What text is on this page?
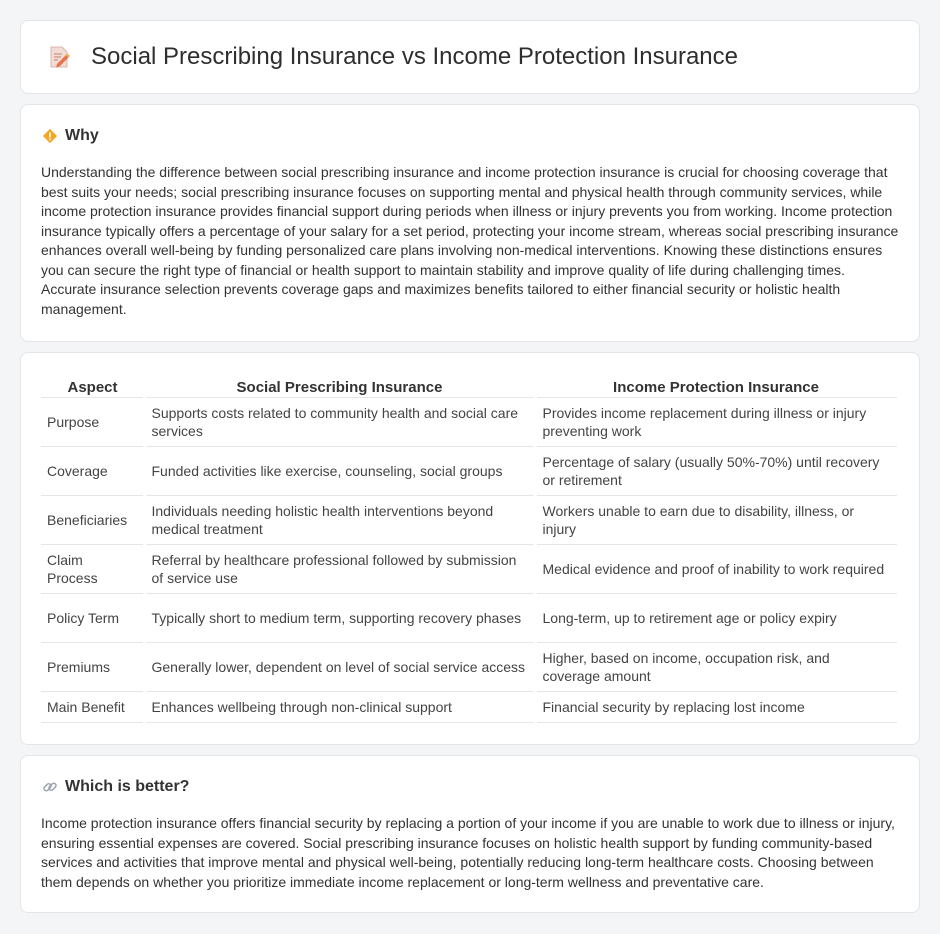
Social Prescribing Insurance vs Income Protection Insurance
Why

Understanding the difference between social prescribing insurance and income protection insurance is crucial for choosing coverage that best suits your needs; social prescribing insurance focuses on supporting mental and physical health through community services, while income protection insurance provides financial support during periods when illness or injury prevents you from working. Income protection insurance typically offers a percentage of your salary for a set period, protecting your income stream, whereas social prescribing insurance enhances overall well-being by funding personalized care plans involving non-medical interventions. Knowing these distinctions ensures you can secure the right type of financial or health support to maintain stability and improve quality of life during challenging times. Accurate insurance selection prevents coverage gaps and maximizes benefits tailored to either financial security or holistic health management.

Aspect	Social Prescribing Insurance	Income Protection Insurance
Purpose	Supports costs related to community health and social care services	Provides income replacement during illness or injury preventing work
Coverage	Funded activities like exercise, counseling, social groups	Percentage of salary (usually 50%-70%) until recovery or retirement
Beneficiaries	Individuals needing holistic health interventions beyond medical treatment	Workers unable to earn due to disability, illness, or injury
Claim Process	Referral by healthcare professional followed by submission of service use	Medical evidence and proof of inability to work required
Policy Term	Typically short to medium term, supporting recovery phases	Long-term, up to retirement age or policy expiry
Premiums	Generally lower, dependent on level of social service access	Higher, based on income, occupation risk, and coverage amount
Main Benefit	Enhances wellbeing through non-clinical support	Financial security by replacing lost income
Which is better?

Income protection insurance offers financial security by replacing a portion of your income if you are unable to work due to illness or injury, ensuring essential expenses are covered. Social prescribing insurance focuses on holistic health support by funding community-based services and activities that improve mental and physical well-being, potentially reducing long-term healthcare costs. Choosing between them depends on whether you prioritize immediate income replacement or long-term wellness and preventative care.
